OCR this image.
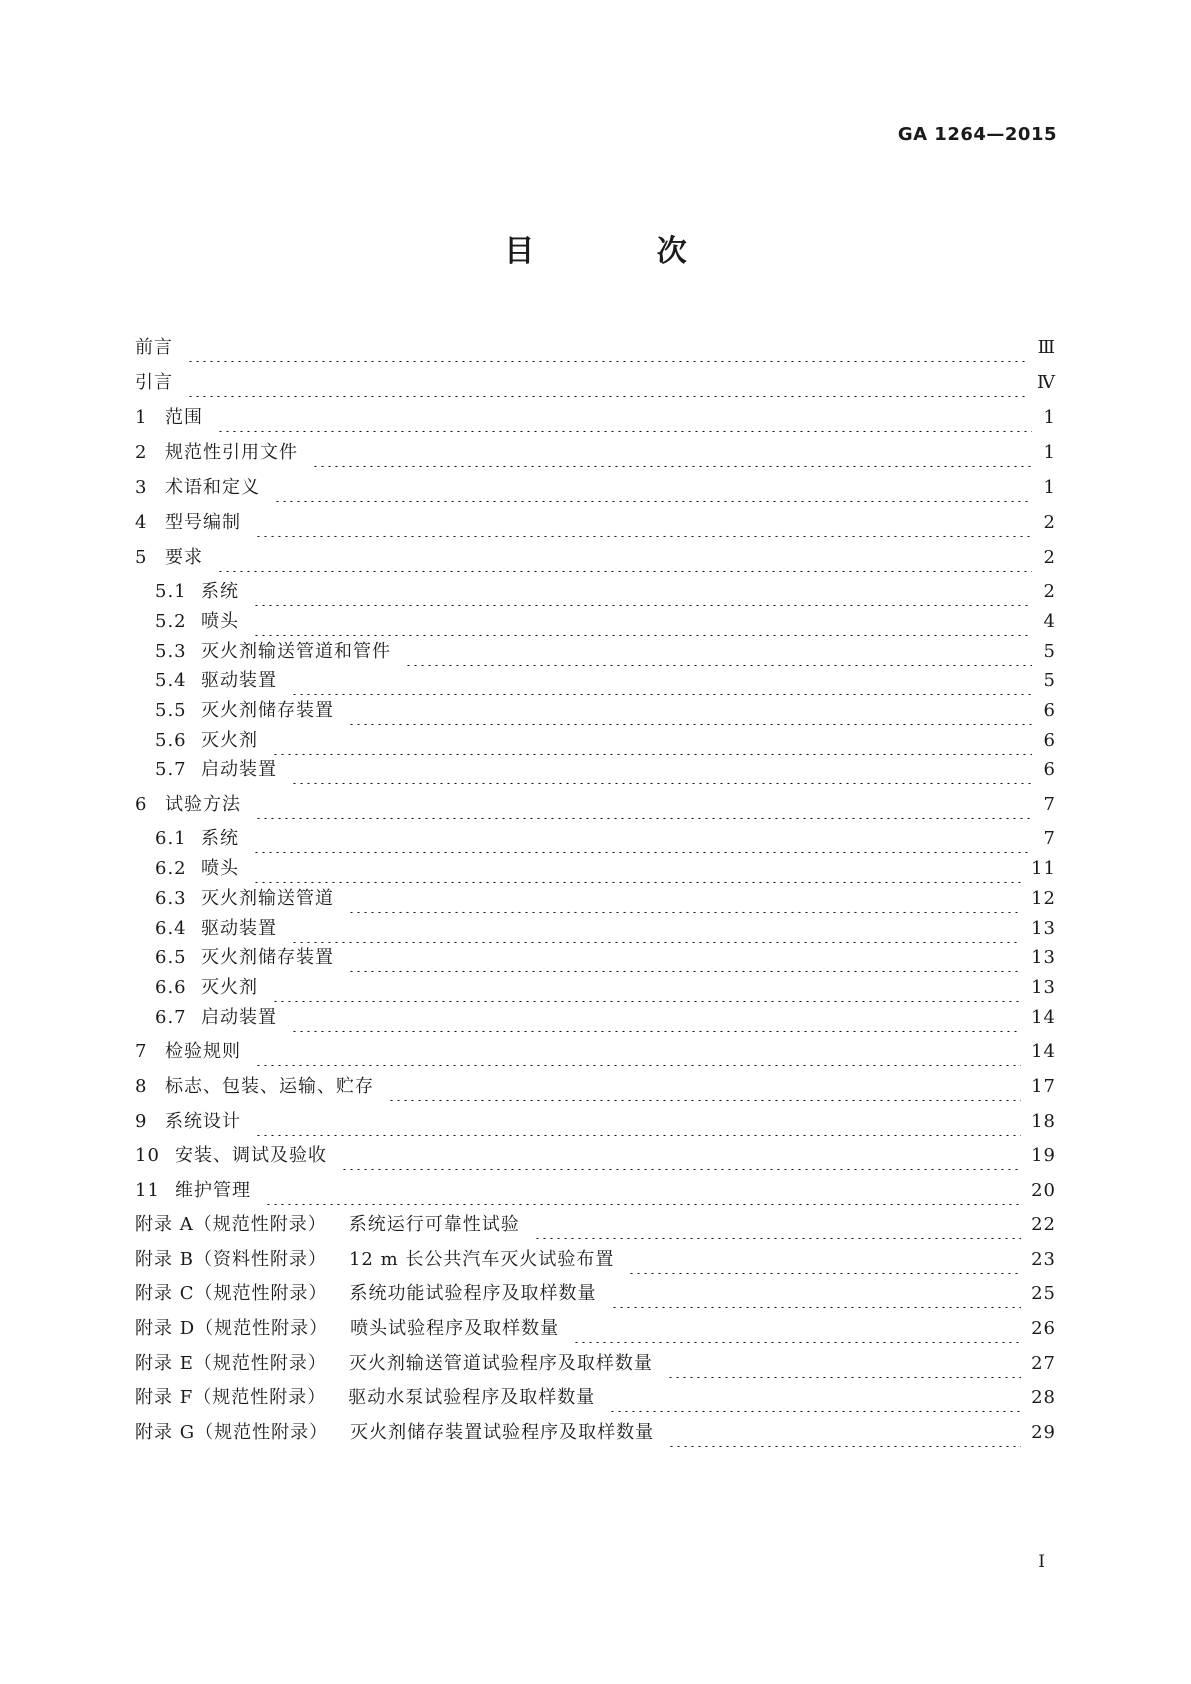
GA 1264—2015
目 次
前言	Ⅲ
引言	Ⅳ
1 范围	1
2 规范性引用文件	1
3 术语和定义	1
4 型号编制	2
5 要求	2
5.1 系统	2
5.2 喷头	4
5.3 灭火剂输送管道和管件	5
5.4 驱动装置	5
5.5 灭火剂储存装置	6
5.6 灭火剂	6
5.7 启动装置	6
6 试验方法	7
6.1 系统	7
6.2 喷头	11
6.3 灭火剂输送管道	12
6.4 驱动装置	13
6.5 灭火剂储存装置	13
6.6 灭火剂	13
6.7 启动装置	14
7 检验规则	14
8 标志、包装、运输、贮存	17
9 系统设计	18
10 安装、调试及验收	19
11 维护管理	20
附录 A（规范性附录） 系统运行可靠性试验	22
附录 B（资料性附录） 12 m 长公共汽车灭火试验布置	23
附录 C（规范性附录） 系统功能试验程序及取样数量	25
附录 D（规范性附录） 喷头试验程序及取样数量	26
附录 E（规范性附录） 灭火剂输送管道试验程序及取样数量	27
附录 F（规范性附录） 驱动水泵试验程序及取样数量	28
附录 G（规范性附录） 灭火剂储存装置试验程序及取样数量	29
I
